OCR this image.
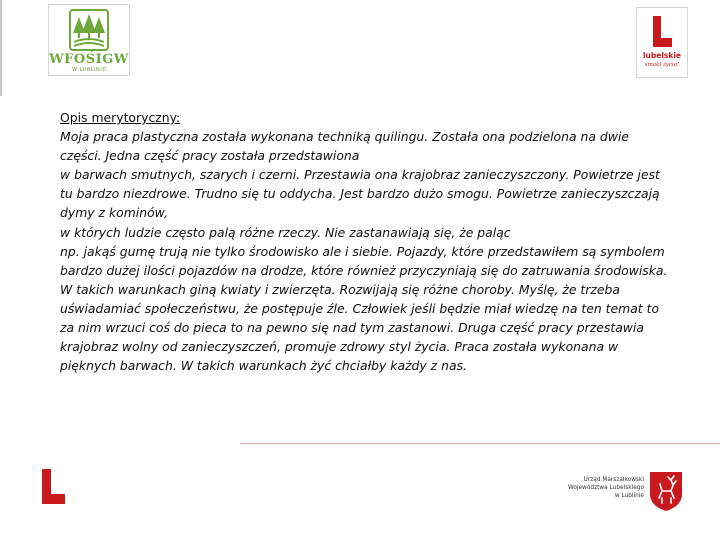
WFOŚIGW
W LUBLINIE
lubelskie
smaki życia!
Opis merytoryczny:
Moja praca plastyczna została wykonana techniką quilingu. Została ona podzielona na dwie części. Jedna część pracy została przedstawiona
w barwach smutnych, szarych i czerni. Przestawia ona krajobraz zanieczyszczony. Powietrze jest tu bardzo niezdrowe. Trudno się tu oddycha. Jest bardzo dużo smogu. Powietrze zanieczyszczają dymy z kominów,
w których ludzie często palą różne rzeczy. Nie zastanawiają się, że paląc
np. jakąś gumę trują nie tylko środowisko ale i siebie. Pojazdy, które przedstawiłem są symbolem bardzo dużej ilości pojazdów na drodze, które również przyczyniają się do zatruwania środowiska. W takich warunkach giną kwiaty i zwierzęta. Rozwijają się różne choroby. Myślę, że trzeba uświadamiać społeczeństwu, że postępuje źle. Człowiek jeśli będzie miał wiedzę na ten temat to za nim wrzuci coś do pieca to na pewno się nad tym zastanowi. Druga część pracy przestawia krajobraz wolny od zanieczyszczeń, promuje zdrowy styl życia. Praca została wykonana w pięknych barwach. W takich warunkach żyć chciałby każdy z nas.
Urząd Marszałkowski
Województwa Lubelskiego
w Lublinie
